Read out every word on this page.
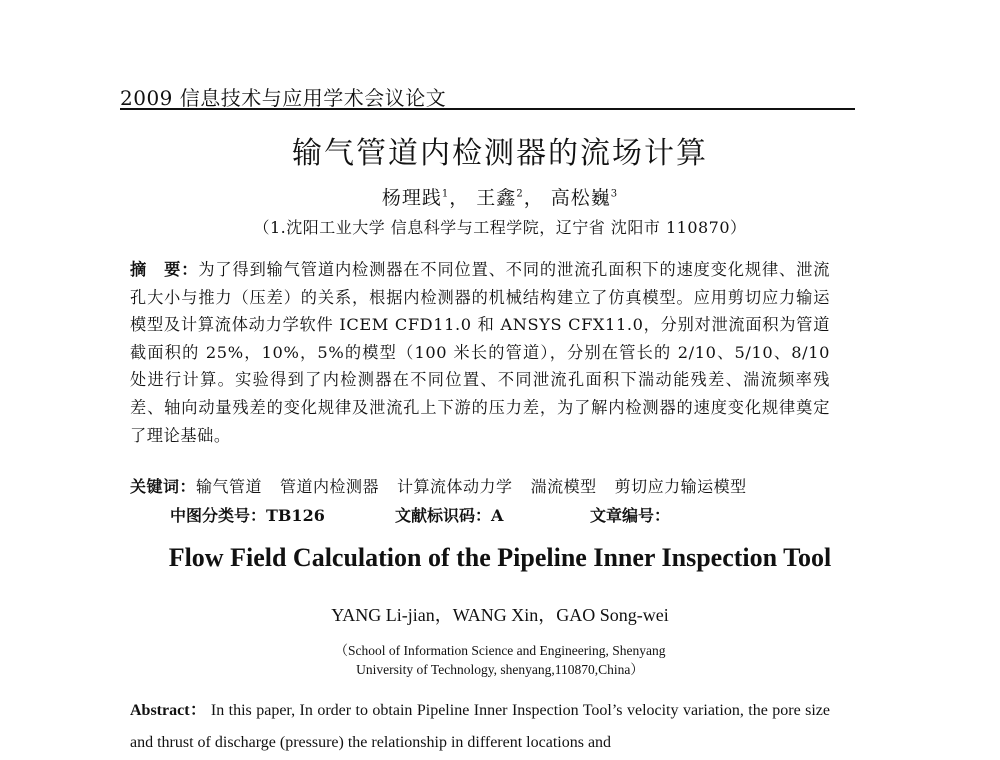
2009 信息技术与应用学术会议论文
输气管道内检测器的流场计算
杨理践$^1$， 王鑫$^2$， 高松巍$^3$
（1.沈阳工业大学 信息科学与工程学院，辽宁省 沈阳市 110870）
摘　要：为了得到输气管道内检测器在不同位置、不同的泄流孔面积下的速度变化规律、泄流孔大小与推力（压差）的关系，根据内检测器的机械结构建立了仿真模型。应用剪切应力输运模型及计算流体动力学软件 ICEM CFD11.0 和 ANSYS CFX11.0，分别对泄流面积为管道截面积的 25%，10%，5%的模型（100 米长的管道），分别在管长的 2/10、5/10、8/10 处进行计算。实验得到了内检测器在不同位置、不同泄流孔面积下湍动能残差、湍流频率残差、轴向动量残差的变化规律及泄流孔上下游的压力差，为了解内检测器的速度变化规律奠定了理论基础。
关键词：输气管道 管道内检测器 计算流体动力学 湍流模型 剪切应力输运模型
中图分类号：TB126	文献标识码：A	文章编号：
Flow Field Calculation of the Pipeline Inner Inspection Tool
YANG Li-jian，WANG Xin，GAO Song-wei
（School of Information Science and Engineering, Shenyang
University of Technology, shenyang,110870,China）
Abstract： In this paper, In order to obtain Pipeline Inner Inspection Tool’s velocity variation, the pore size and thrust of discharge (pressure) the relationship in different locations and
